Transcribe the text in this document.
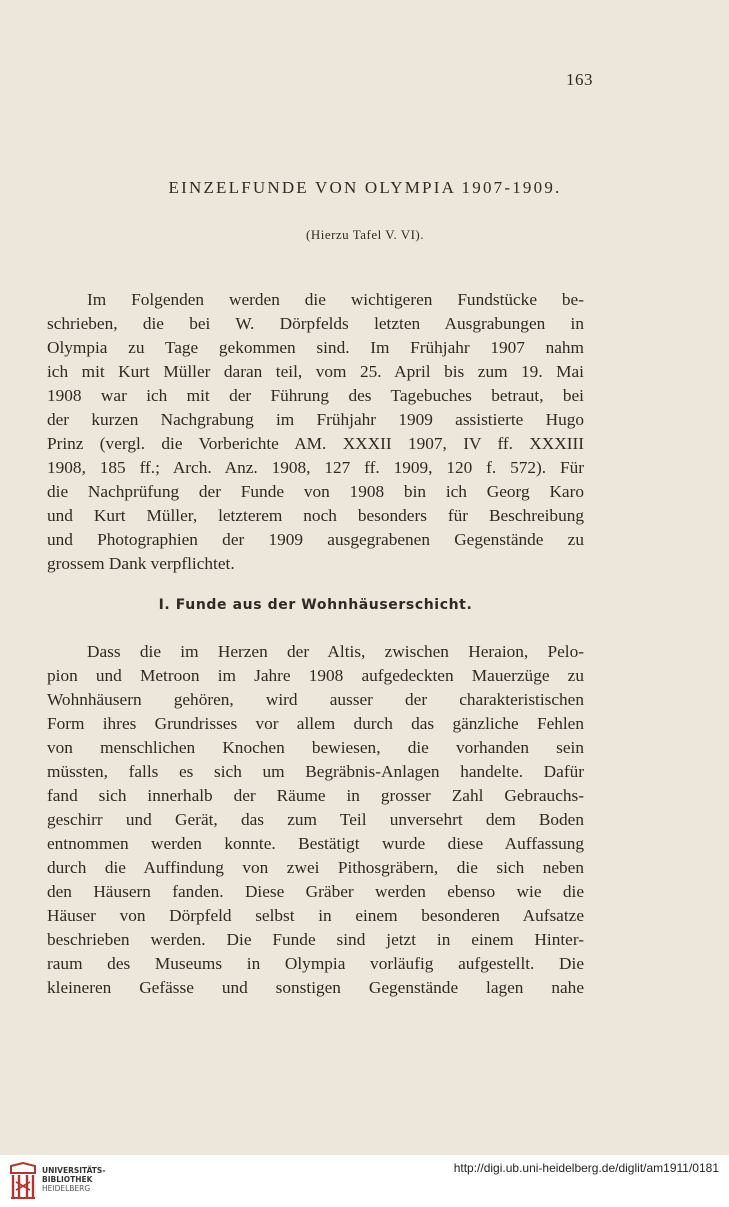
163
EINZELFUNDE VON OLYMPIA 1907-1909.
(Hierzu Tafel V. VI).
Im Folgenden werden die wichtigeren Fundstücke be-
schrieben, die bei W. Dörpfelds letzten Ausgrabungen in
Olympia zu Tage gekommen sind. Im Frühjahr 1907 nahm
ich mit Kurt Müller daran teil, vom 25. April bis zum 19. Mai
1908 war ich mit der Führung des Tagebuches betraut, bei
der kurzen Nachgrabung im Frühjahr 1909 assistierte Hugo
Prinz (vergl. die Vorberichte AM. XXXII 1907, IV ff. XXXIII
1908, 185 ff.; Arch. Anz. 1908, 127 ff. 1909, 120 f. 572). Für
die Nachprüfung der Funde von 1908 bin ich Georg Karo
und Kurt Müller, letzterem noch besonders für Beschreibung
und Photographien der 1909 ausgegrabenen Gegenstände zu
grossem Dank verpflichtet.
I. Funde aus der Wohnhäuserschicht.
Dass die im Herzen der Altis, zwischen Heraion, Pelo-
pion und Metroon im Jahre 1908 aufgedeckten Mauerzüge zu
Wohnhäusern gehören, wird ausser der charakteristischen
Form ihres Grundrisses vor allem durch das gänzliche Fehlen
von menschlichen Knochen bewiesen, die vorhanden sein
müssten, falls es sich um Begräbnis-Anlagen handelte. Dafür
fand sich innerhalb der Räume in grosser Zahl Gebrauchs-
geschirr und Gerät, das zum Teil unversehrt dem Boden
entnommen werden konnte. Bestätigt wurde diese Auffassung
durch die Auffindung von zwei Pithosgräbern, die sich neben
den Häusern fanden. Diese Gräber werden ebenso wie die
Häuser von Dörpfeld selbst in einem besonderen Aufsatze
beschrieben werden. Die Funde sind jetzt in einem Hinter-
raum des Museums in Olympia vorläufig aufgestellt. Die
kleineren Gefässe und sonstigen Gegenstände lagen nahe
UNIVERSITÄTS-
BIBLIOTHEK
HEIDELBERG
http://digi.ub.uni-heidelberg.de/diglit/am1911/0181
